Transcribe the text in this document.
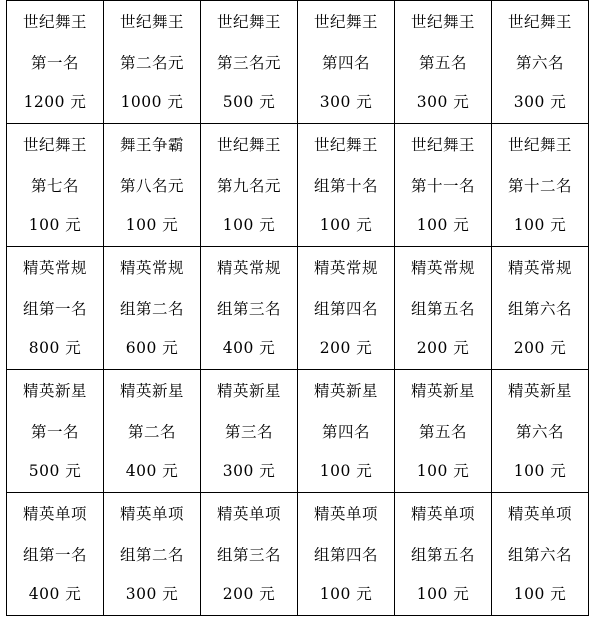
世纪舞王
第一名
1200 元	世纪舞王
第二名元
1000 元	世纪舞王
第三名元
500 元	世纪舞王
第四名
300 元	世纪舞王
第五名
300 元	世纪舞王
第六名
300 元

世纪舞王
第七名
100 元	舞王争霸
第八名元
100 元	世纪舞王
第九名元
100 元	世纪舞王
组第十名
100 元	世纪舞王
第十一名
100 元	世纪舞王
第十二名
100 元

精英常规
组第一名
800 元	精英常规
组第二名
600 元	精英常规
组第三名
400 元	精英常规
组第四名
200 元	精英常规
组第五名
200 元	精英常规
组第六名
200 元

精英新星
第一名
500 元	精英新星
第二名
400 元	精英新星
第三名
300 元	精英新星
第四名
100 元	精英新星
第五名
100 元	精英新星
第六名
100 元

精英单项
组第一名
400 元	精英单项
组第二名
300 元	精英单项
组第三名
200 元	精英单项
组第四名
100 元	精英单项
组第五名
100 元	精英单项
组第六名
100 元
